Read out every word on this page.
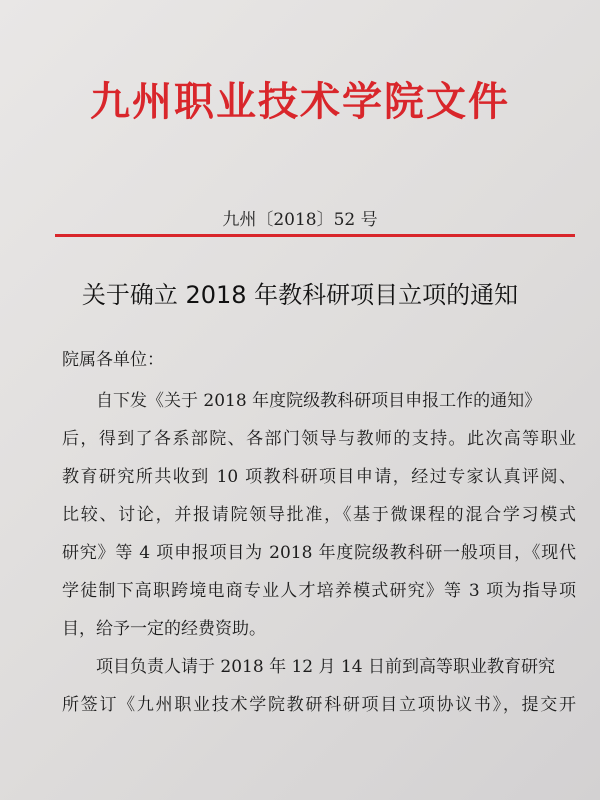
九州职业技术学院文件
九州〔2018〕52 号
关于确立 2018 年教科研项目立项的通知
院属各单位：
自下发《关于 2018 年度院级教科研项目申报工作的通知》
后，得到了各系部院、各部门领导与教师的支持。此次高等职业
教育研究所共收到 10 项教科研项目申请，经过专家认真评阅、
比较、讨论，并报请院领导批准，《基于微课程的混合学习模式
研究》等 4 项申报项目为 2018 年度院级教科研一般项目，《现代
学徒制下高职跨境电商专业人才培养模式研究》等 3 项为指导项
目，给予一定的经费资助。
项目负责人请于 2018 年 12 月 14 日前到高等职业教育研究
所签订《九州职业技术学院教研科研项目立项协议书》，提交开
